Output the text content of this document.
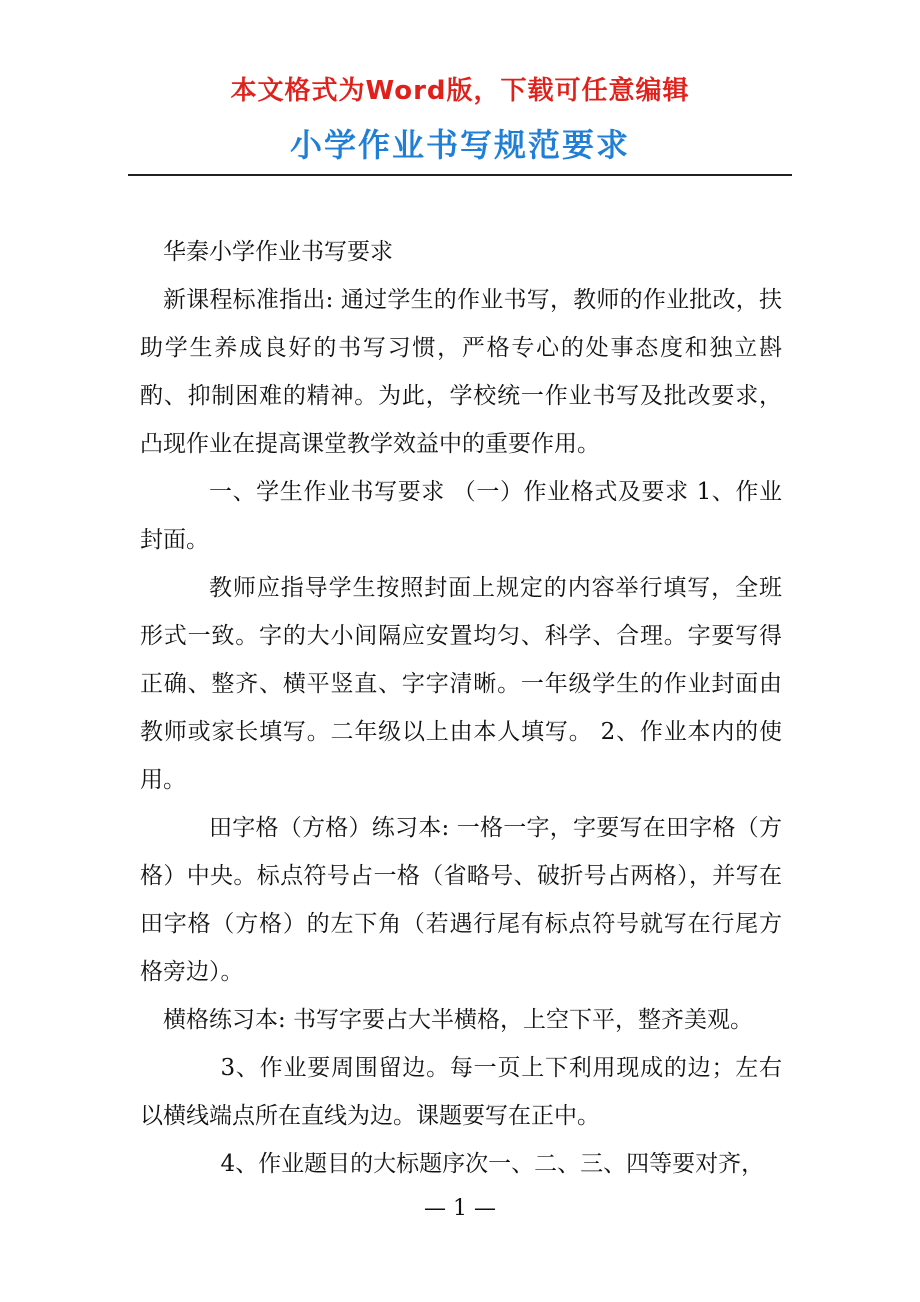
本文格式为Word版，下载可任意编辑
小学作业书写规范要求

华秦小学作业书写要求

新课程标准指出: 通过学生的作业书写，教师的作业批改，扶助学生养成良好的书写习惯，严格专心的处事态度和独立斟酌、抑制困难的精神。为此，学校统一作业书写及批改要求，凸现作业在提高课堂教学效益中的重要作用。

一、学生作业书写要求 （一）作业格式及要求 1、作业封面。

教师应指导学生按照封面上规定的内容举行填写，全班形式一致。字的大小间隔应安置均匀、科学、合理。字要写得正确、整齐、横平竖直、字字清晰。一年级学生的作业封面由教师或家长填写。二年级以上由本人填写。 2、作业本内的使用。

田字格（方格）练习本: 一格一字，字要写在田字格（方格）中央。标点符号占一格（省略号、破折号占两格），并写在田字格（方格）的左下角（若遇行尾有标点符号就写在行尾方格旁边）。

横格练习本: 书写字要占大半横格，上空下平，整齐美观。

3、作业要周围留边。每一页上下利用现成的边；左右以横线端点所在直线为边。课题要写在正中。

4、作业题目的大标题序次一、二、三、四等要对齐，

— 1 —
